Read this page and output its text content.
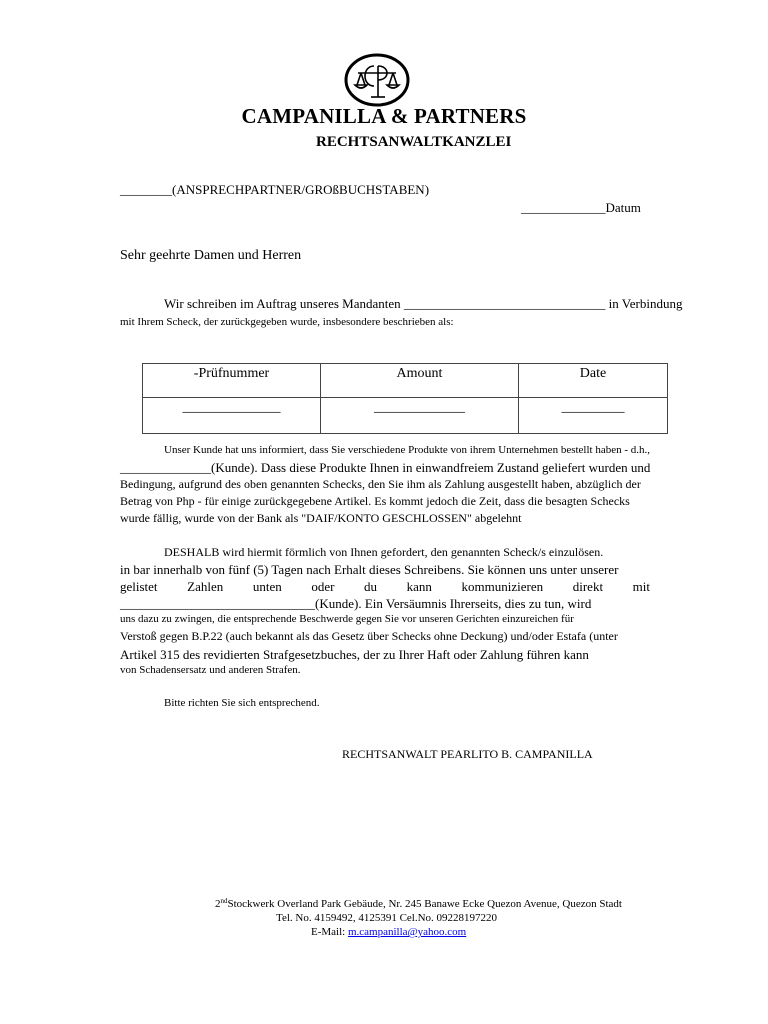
CAMPANILLA & PARTNERS
RECHTSANWALTKANZLEI
________(ANSPRECHPARTNER/GROßBUCHSTABEN)
_____________Datum
Sehr geehrte Damen und Herren
Wir schreiben im Auftrag unseres Mandanten _______________________________ in Verbindung
mit Ihrem Scheck, der zurückgegeben wurde, insbesondere beschrieben als:
-Prüfnummer	Amount	Date
______________	_____________	_________
Unser Kunde hat uns informiert, dass Sie verschiedene Produkte von ihrem Unternehmen bestellt haben - d.h.,
______________(Kunde). Dass diese Produkte Ihnen in einwandfreiem Zustand geliefert wurden und
Bedingung, aufgrund des oben genannten Schecks, den Sie ihm als Zahlung ausgestellt haben, abzüglich der
Betrag von Php - für einige zurückgegebene Artikel. Es kommt jedoch die Zeit, dass die besagten Schecks
wurde fällig, wurde von der Bank als "DAIF/KONTO GESCHLOSSEN" abgelehnt
DESHALB wird hiermit förmlich von Ihnen gefordert, den genannten Scheck/s einzulösen.
in bar innerhalb von fünf (5) Tagen nach Erhalt dieses Schreibens. Sie können uns unter unserer
gelistet Zahlen unten oder du kann kommunizieren direkt mit
______________________________(Kunde). Ein Versäumnis Ihrerseits, dies zu tun, wird
uns dazu zu zwingen, die entsprechende Beschwerde gegen Sie vor unseren Gerichten einzureichen für
Verstoß gegen B.P.22 (auch bekannt als das Gesetz über Schecks ohne Deckung) und/oder Estafa (unter
Artikel 315 des revidierten Strafgesetzbuches, der zu Ihrer Haft oder Zahlung führen kann
von Schadensersatz und anderen Strafen.
Bitte richten Sie sich entsprechend.
RECHTSANWALT PEARLITO B. CAMPANILLA
2ndStockwerk Overland Park Gebäude, Nr. 245 Banawe Ecke Quezon Avenue, Quezon Stadt
Tel. No. 4159492, 4125391 Cel.No. 09228197220
E-Mail: m.campanilla@yahoo.com
